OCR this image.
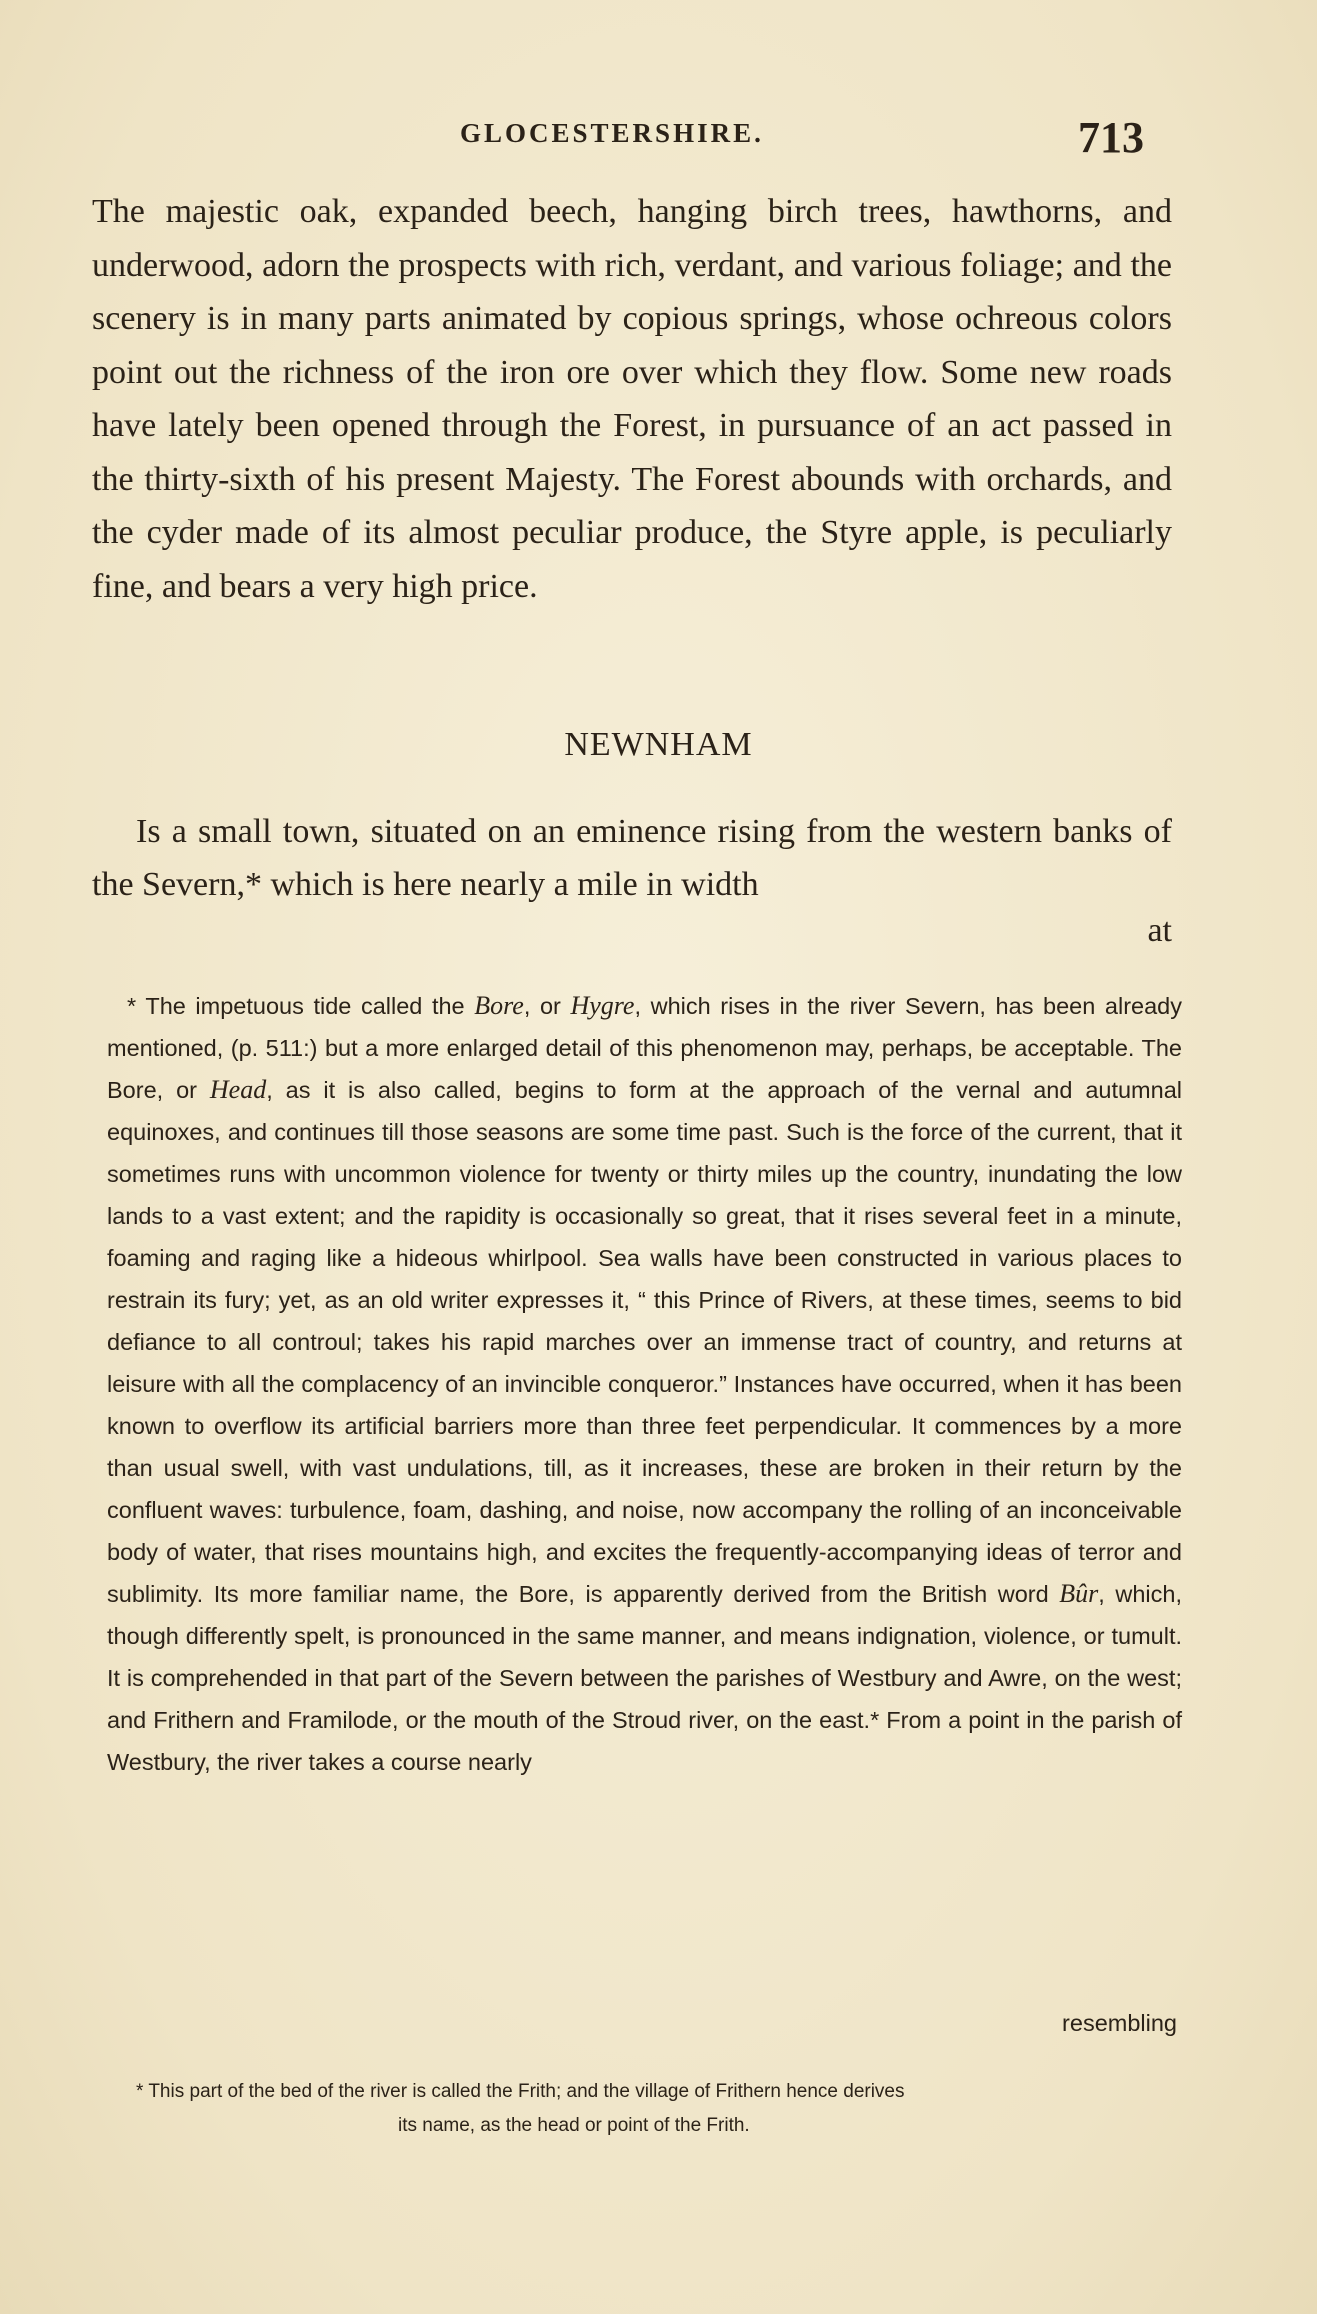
GLOCESTERSHIRE.	713

The majestic oak, expanded beech, hanging birch trees, hawthorns, and underwood, adorn the prospects with rich, verdant, and various foliage; and the scenery is in many parts animated by copious springs, whose ochreous colors point out the richness of the iron ore over which they flow. Some new roads have lately been opened through the Forest, in pursuance of an act passed in the thirty-sixth of his present Majesty. The Forest abounds with orchards, and the cyder made of its almost peculiar produce, the Styre apple, is peculiarly fine, and bears a very high price.

NEWNHAM

Is a small town, situated on an eminence rising from the western banks of the Severn,* which is here nearly a mile in width

at

* The impetuous tide called the Bore, or Hygre, which rises in the river Severn, has been already mentioned, (p. 511:) but a more enlarged detail of this phenomenon may, perhaps, be acceptable. The Bore, or Head, as it is also called, begins to form at the approach of the vernal and autumnal equinoxes, and continues till those seasons are some time past. Such is the force of the current, that it sometimes runs with uncommon violence for twenty or thirty miles up the country, inundating the low lands to a vast extent; and the rapidity is occasionally so great, that it rises several feet in a minute, foaming and raging like a hideous whirlpool. Sea walls have been constructed in various places to restrain its fury; yet, as an old writer expresses it, “ this Prince of Rivers, at these times, seems to bid defiance to all controul; takes his rapid marches over an immense tract of country, and returns at leisure with all the complacency of an invincible conqueror.” Instances have occurred, when it has been known to overflow its artificial barriers more than three feet perpendicular. It commences by a more than usual swell, with vast undulations, till, as it increases, these are broken in their return by the confluent waves: turbulence, foam, dashing, and noise, now accompany the rolling of an inconceivable body of water, that rises mountains high, and excites the frequently-accompanying ideas of terror and sublimity. Its more familiar name, the Bore, is apparently derived from the British word Bûr, which, though differently spelt, is pronounced in the same manner, and means indignation, violence, or tumult. It is comprehended in that part of the Severn between the parishes of Westbury and Awre, on the west; and Frithern and Framilode, or the mouth of the Stroud river, on the east.* From a point in the parish of Westbury, the river takes a course nearly

resembling
* This part of the bed of the river is called the Frith; and the village of Frithern hence derives
its name, as the head or point of the Frith.
